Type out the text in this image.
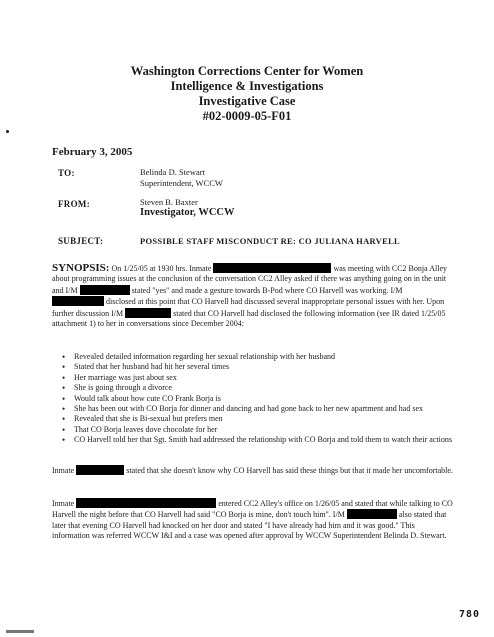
Washington Corrections Center for Women
Intelligence & Investigations
Investigative Case
#02-0009-05-F01
February 3, 2005
TO:	Belinda D. Stewart
Superintendent, WCCW
FROM:	Steven B. Baxter
Investigator, WCCW
SUBJECT:	POSSIBLE STAFF MISCONDUCT RE: CO JULIANA HARVELL
SYNOPSIS: On 1/25/05 at 1930 hrs. Inmate	was meeting with CC2 Bonja Alley about programming issues at the conclusion of the conversation CC2 Alley asked if there was anything going on in the unit and I/M	stated "yes" and made a gesture towards B-Pod where CO Harvell was working. I/M  disclosed at this point that CO Harvell had discussed several inappropriate personal issues with her. Upon further discussion I/M	stated that CO Harvell had disclosed the following information (see IR dated 1/25/05 attachment 1) to her in conversations since December 2004:
• Revealed detailed information regarding her sexual relationship with her husband
• Stated that her husband had hit her several times
• Her marriage was just about sex
• She is going through a divorce
• Would talk about how cute CO Frank Borja is
• She has been out with CO Borja for dinner and dancing and had gone back to her new apartment and had sex
• Revealed that she is Bi-sexual but prefers men
• That CO Borja leaves dove chocolate for her
• CO Harvell told her that Sgt. Smith had addressed the relationship with CO Borja and told them to watch their actions
Inmate	stated that she doesn't know why CO Harvell has said these things but that it made her uncomfortable.
Inmate	entered CC2 Alley's office on 1/26/05 and stated that while talking to CO Harvell the night before that CO Harvell had said "CO Borja is mine, don't touch him". I/M	also stated that later that evening CO Harvell had knocked on her door and stated "I have already had him and it was good." This information was referred WCCW I&I and a case was opened after approval by WCCW Superintendent Belinda D. Stewart.
780
